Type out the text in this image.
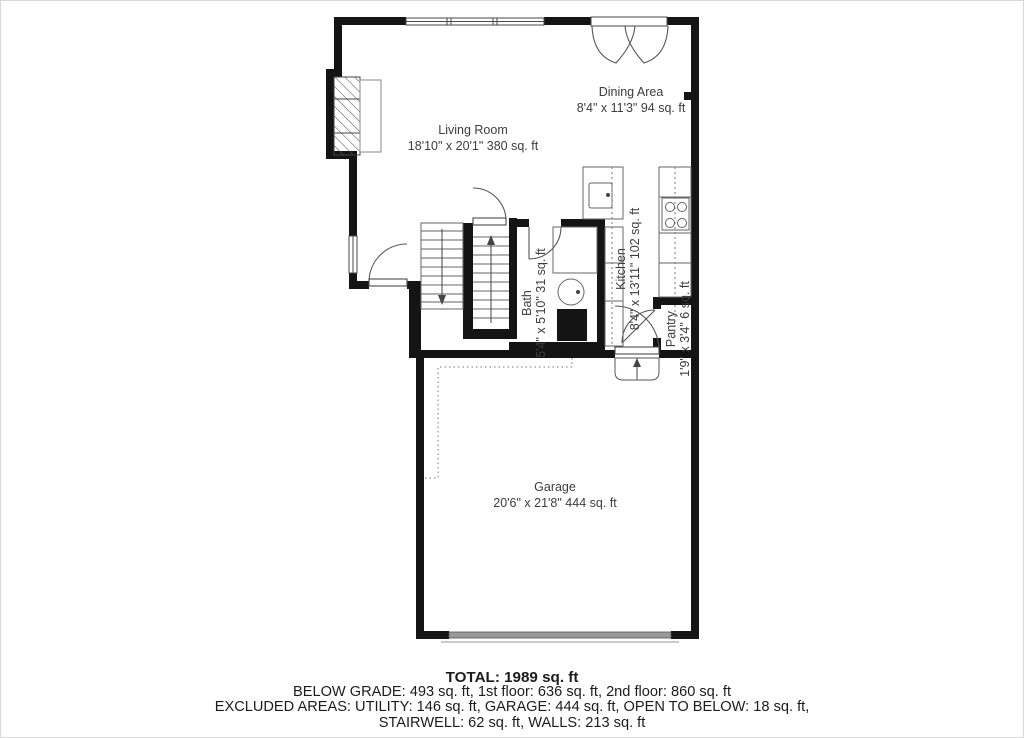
Living Room
18'10" x 20'1" 380 sq. ft
Dining Area
8'4" x 11'3" 94 sq. ft
Kitchen 8'4" x 13'11" 102 sq. ft
Bath 5'4" x 5'10" 31 sq. ft	Pantry 1'9" x 3'4" 6 sq. ft
Garage
20'6" x 21'8" 444 sq. ft
TOTAL: 1989 sq. ft
BELOW GRADE: 493 sq. ft, 1st floor: 636 sq. ft, 2nd floor: 860 sq. ft
EXCLUDED AREAS: UTILITY: 146 sq. ft, GARAGE: 444 sq. ft, OPEN TO BELOW: 18 sq. ft,
STAIRWELL: 62 sq. ft, WALLS: 213 sq. ft
